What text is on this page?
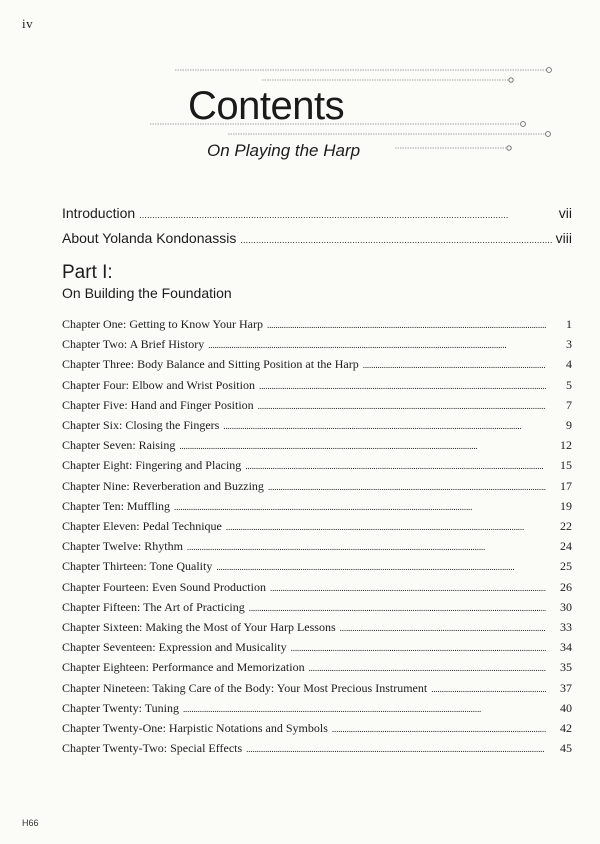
iv
Contents
On Playing the Harp
Introduction . . .	vii
About Yolanda Kondonassis . . .	viii
Part I:
On Building the Foundation
Chapter One: Getting to Know Your Harp . . .	1
Chapter Two: A Brief History . . .	3
Chapter Three: Body Balance and Sitting Position at the Harp . . .	4
Chapter Four: Elbow and Wrist Position . . .	5
Chapter Five: Hand and Finger Position . . .	7
Chapter Six: Closing the Fingers . . .	9
Chapter Seven: Raising . . .	12
Chapter Eight: Fingering and Placing . . .	15
Chapter Nine: Reverberation and Buzzing . . .	17
Chapter Ten: Muffling . . .	19
Chapter Eleven: Pedal Technique . . .	22
Chapter Twelve: Rhythm . . .	24
Chapter Thirteen: Tone Quality . . .	25
Chapter Fourteen: Even Sound Production . . .	26
Chapter Fifteen: The Art of Practicing . . .	30
Chapter Sixteen: Making the Most of Your Harp Lessons . . .	33
Chapter Seventeen: Expression and Musicality . . .	34
Chapter Eighteen: Performance and Memorization . . .	35
Chapter Nineteen: Taking Care of the Body: Your Most Precious Instrument . . .	37
Chapter Twenty: Tuning . . .	40
Chapter Twenty-One: Harpistic Notations and Symbols . . .	42
Chapter Twenty-Two: Special Effects . . .	45
H66
